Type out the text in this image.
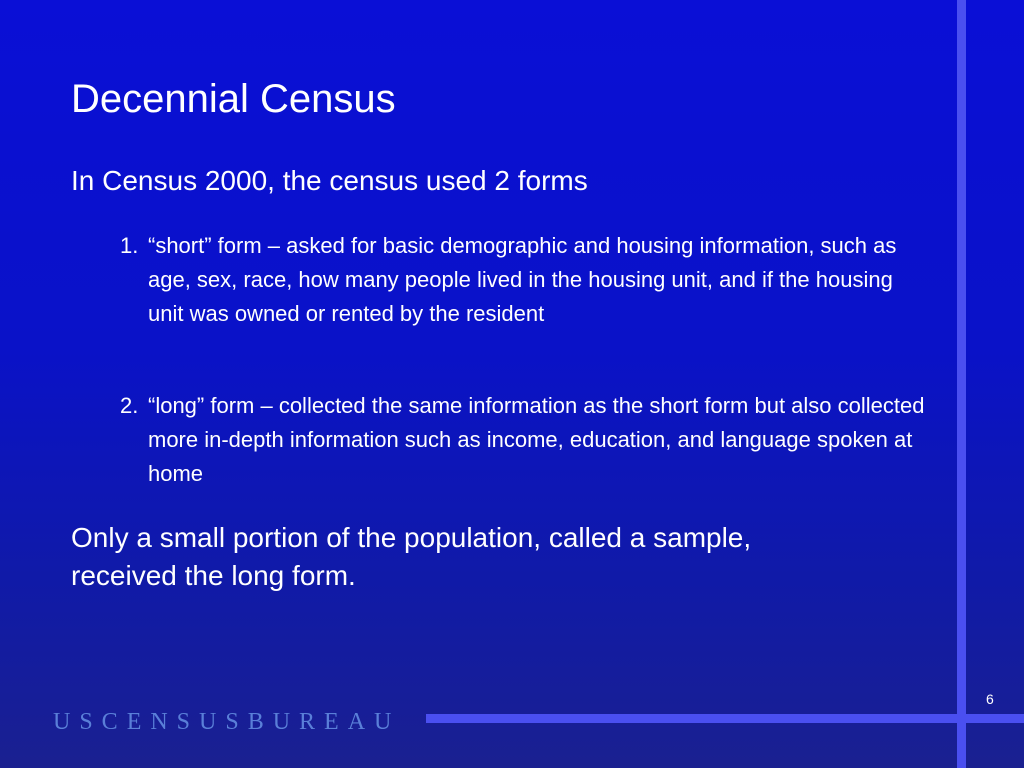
Decennial Census
In Census 2000, the census used 2 forms
1. “short” form – asked for basic demographic and housing information, such as age, sex, race, how many people lived in the housing unit, and if the housing unit was owned or rented by the resident
2. “long” form – collected the same information as the short form but also collected more in-depth information such as income, education, and language spoken at home
Only a small portion of the population, called a sample, received the long form.
USCENSUSBUREAU
6
